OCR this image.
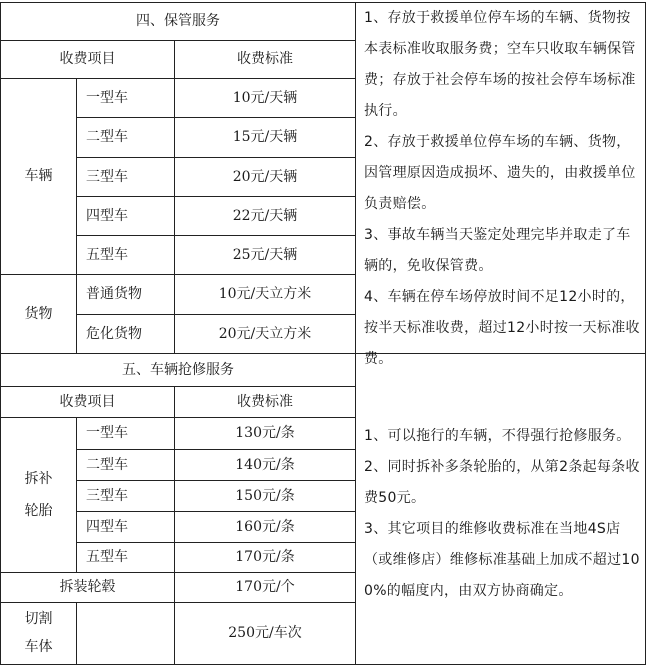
四、保管服务
收费项目	收费标准
车辆
一型车	10元/天辆
二型车	15元/天辆
三型车	20元/天辆
四型车	22元/天辆
五型车	25元/天辆
货物
普通货物	10元/天立方米
危化货物	20元/天立方米

1、存放于救援单位停车场的车辆、货物按本表标准收取服务费；空车只收取车辆保管费；存放于社会停车场的按社会停车场标准执行。

2、存放于救援单位停车场的车辆、货物，因管理原因造成损坏、遗失的，由救援单位负责赔偿。

3、事故车辆当天鉴定处理完毕并取走了车辆的，免收保管费。

4、车辆在停车场停放时间不足12小时的，按半天标准收费，超过12小时按一天标准收费。

五、车辆抢修服务
收费项目	收费标准
拆补
轮胎
一型车	130元/条
二型车	140元/条
三型车	150元/条
四型车	160元/条
五型车	170元/条
拆装轮毂	170元/个
切割
车体
250元/车次

1、可以拖行的车辆，不得强行抢修服务。

2、同时拆补多条轮胎的，从第2条起每条收费50元。

3、其它项目的维修收费标准在当地4S店（或维修店）维修标准基础上加成不超过100%的幅度内，由双方协商确定。
